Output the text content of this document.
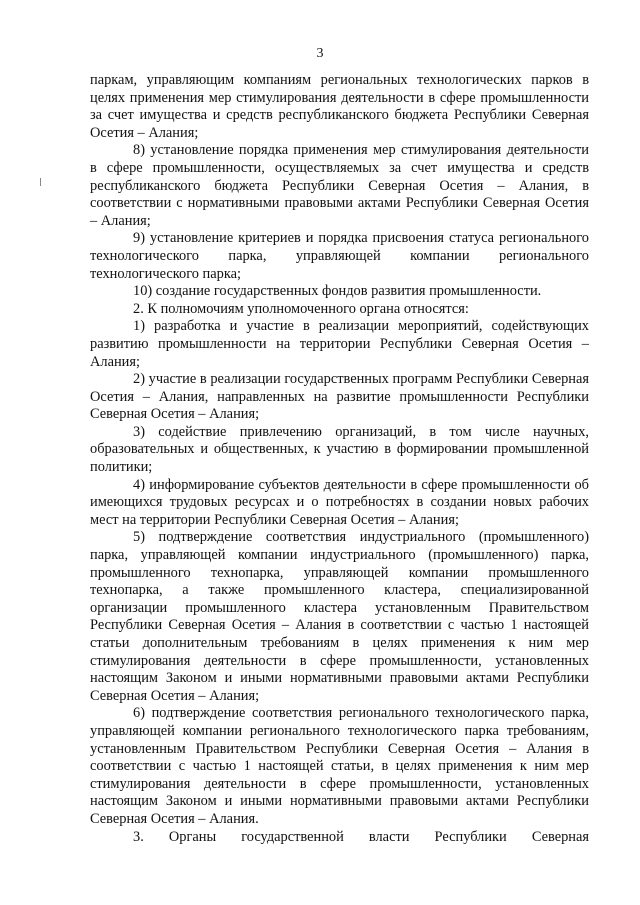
3

паркам, управляющим компаниям региональных технологических парков в целях применения мер стимулирования деятельности в сфере промышленности за счет имущества и средств республиканского бюджета Республики Северная Осетия – Алания;

8) установление порядка применения мер стимулирования деятельности в сфере промышленности, осуществляемых за счет имущества и средств республиканского бюджета Республики Северная Осетия – Алания, в соответствии с нормативными правовыми актами Республики Северная Осетия – Алания;

9) установление критериев и порядка присвоения статуса регионального технологического парка, управляющей компании регионального технологического парка;

10) создание государственных фондов развития промышленности.

2. К полномочиям уполномоченного органа относятся:

1) разработка и участие в реализации мероприятий, содействующих развитию промышленности на территории Республики Северная Осетия – Алания;

2) участие в реализации государственных программ Республики Северная Осетия – Алания, направленных на развитие промышленности Республики Северная Осетия – Алания;

3) содействие привлечению организаций, в том числе научных, образовательных и общественных, к участию в формировании промышленной политики;

4) информирование субъектов деятельности в сфере промышленности об имеющихся трудовых ресурсах и о потребностях в создании новых рабочих мест на территории Республики Северная Осетия – Алания;

5) подтверждение соответствия индустриального (промышленного) парка, управляющей компании индустриального (промышленного) парка, промышленного технопарка, управляющей компании промышленного технопарка, а также промышленного кластера, специализированной организации промышленного кластера установленным Правительством Республики Северная Осетия – Алания в соответствии с частью 1 настоящей статьи дополнительным требованиям в целях применения к ним мер стимулирования деятельности в сфере промышленности, установленных настоящим Законом и иными нормативными правовыми актами Республики Северная Осетия – Алания;

6) подтверждение соответствия регионального технологического парка, управляющей компании регионального технологического парка требованиям, установленным Правительством Республики Северная Осетия – Алания в соответствии с частью 1 настоящей статьи, в целях применения к ним мер стимулирования деятельности в сфере промышленности, установленных настоящим Законом и иными нормативными правовыми актами Республики Северная Осетия – Алания.

3. Органы государственной власти Республики Северная
